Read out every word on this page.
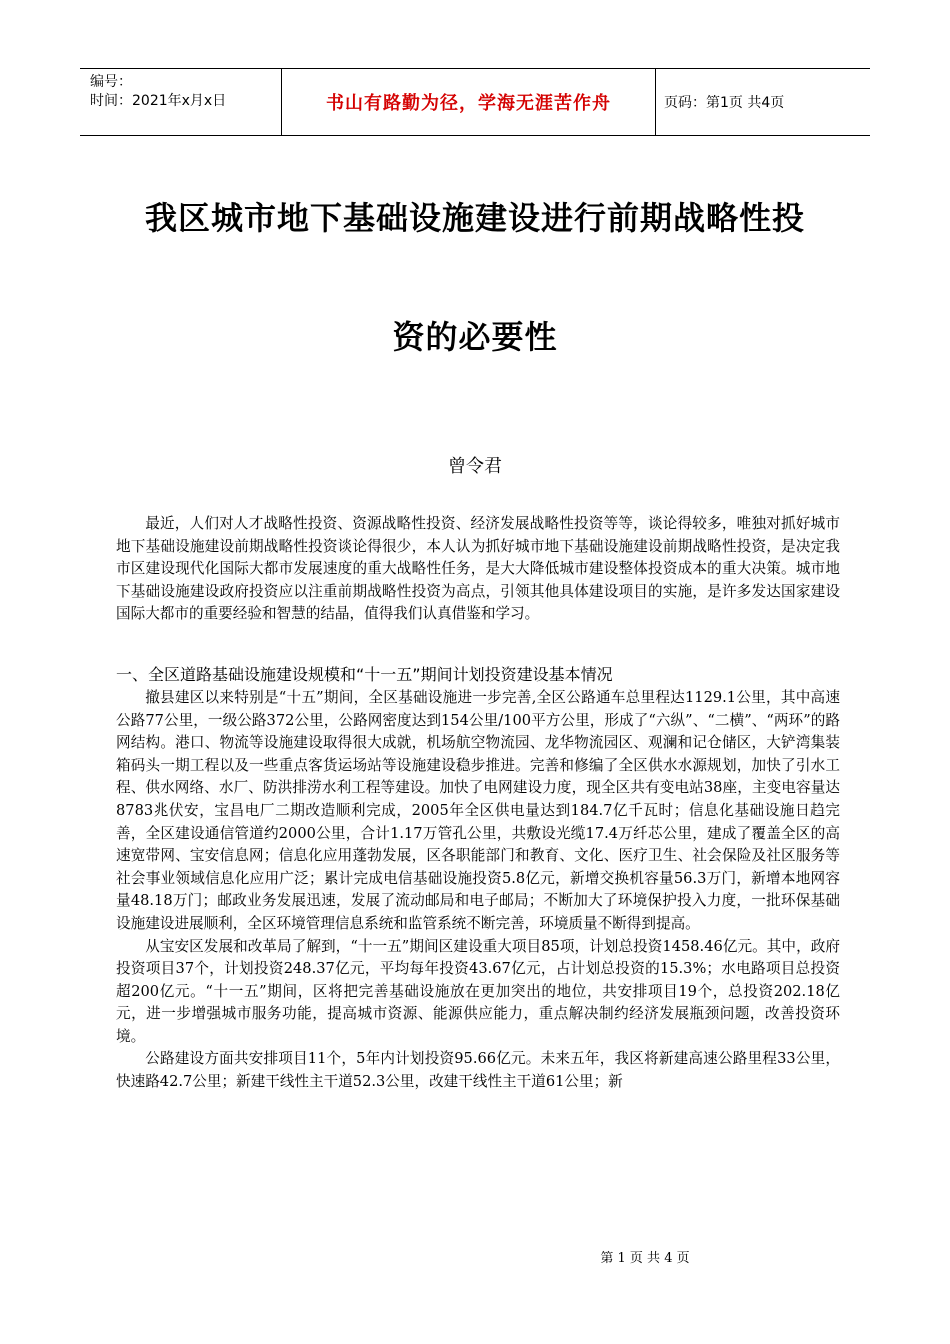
编号：
时间：2021年x月x日	书山有路勤为径，学海无涯苦作舟	页码：第1页 共4页
我区城市地下基础设施建设进行前期战略性投
资的必要性
曾令君

最近，人们对人才战略性投资、资源战略性投资、经济发展战略性投资等等，谈论得较多，唯独对抓好城市地下基础设施建设前期战略性投资谈论得很少，本人认为抓好城市地下基础设施建设前期战略性投资，是决定我市区建设现代化国际大都市发展速度的重大战略性任务，是大大降低城市建设整体投资成本的重大决策。城市地下基础设施建设政府投资应以注重前期战略性投资为高点，引领其他具体建设项目的实施，是许多发达国家建设国际大都市的重要经验和智慧的结晶，值得我们认真借鉴和学习。

一、全区道路基础设施建设规模和“十一五”期间计划投资建设基本情况

撤县建区以来特别是“十五”期间，全区基础设施进一步完善,全区公路通车总里程达1129.1公里，其中高速公路77公里，一级公路372公里，公路网密度达到154公里/100平方公里，形成了“六纵”、“二横”、“两环”的路网结构。港口、物流等设施建设取得很大成就，机场航空物流园、龙华物流园区、观澜和记仓储区，大铲湾集装箱码头一期工程以及一些重点客货运场站等设施建设稳步推进。完善和修编了全区供水水源规划，加快了引水工程、供水网络、水厂、防洪排涝水利工程等建设。加快了电网建设力度，现全区共有变电站38座，主变电容量达8783兆伏安，宝昌电厂二期改造顺利完成，2005年全区供电量达到184.7亿千瓦时；信息化基础设施日趋完善，全区建设通信管道约2000公里，合计1.17万管孔公里，共敷设光缆17.4万纤芯公里，建成了覆盖全区的高速宽带网、宝安信息网；信息化应用蓬勃发展，区各职能部门和教育、文化、医疗卫生、社会保险及社区服务等社会事业领域信息化应用广泛；累计完成电信基础设施投资5.8亿元，新增交换机容量56.3万门，新增本地网容量48.18万门；邮政业务发展迅速，发展了流动邮局和电子邮局；不断加大了环境保护投入力度，一批环保基础设施建设进展顺利，全区环境管理信息系统和监管系统不断完善，环境质量不断得到提高。

从宝安区发展和改革局了解到，“十一五”期间区建设重大项目85项，计划总投资1458.46亿元。其中，政府投资项目37个，计划投资248.37亿元，平均每年投资43.67亿元，占计划总投资的15.3%；水电路项目总投资超200亿元。“十一五”期间，区将把完善基础设施放在更加突出的地位，共安排项目19个，总投资202.18亿元，进一步增强城市服务功能，提高城市资源、能源供应能力，重点解决制约经济发展瓶颈问题，改善投资环境。

公路建设方面共安排项目11个，5年内计划投资95.66亿元。未来五年，我区将新建高速公路里程33公里，快速路42.7公里；新建干线性主干道52.3公里，改建干线性主干道61公里；新

第 1 页 共 4 页
